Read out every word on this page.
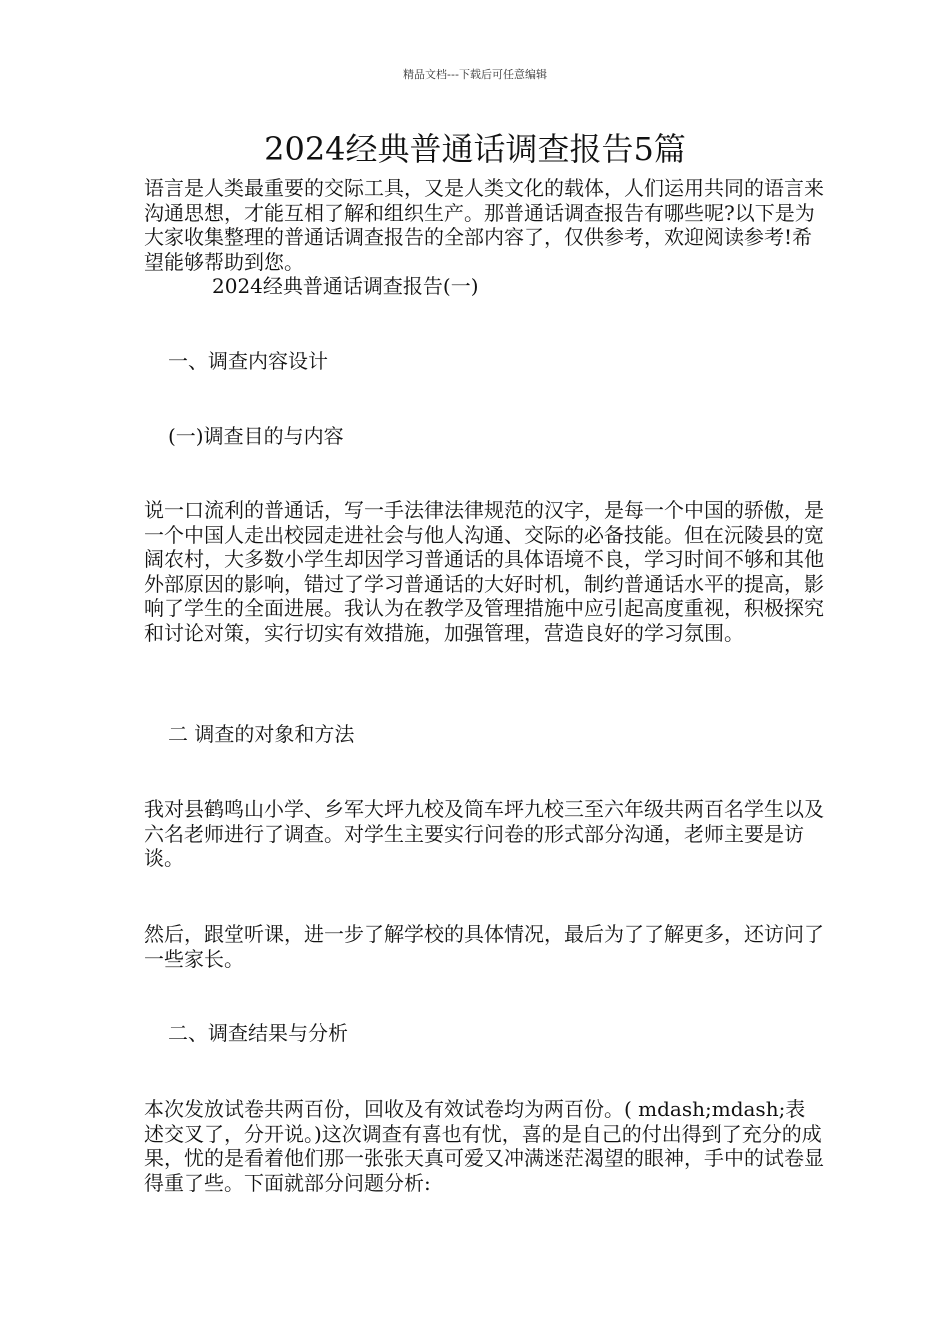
精品文档---下载后可任意编辑
2024经典普通话调查报告5篇

语言是人类最重要的交际工具，又是人类文化的载体，人们运用共同的语言来沟通思想，才能互相了解和组织生产。那普通话调查报告有哪些呢?以下是为大家收集整理的普通话调查报告的全部内容了，仅供参考，欢迎阅读参考!希望能够帮助到您。

2024经典普通话调查报告(一)

一、调查内容设计

(一)调查目的与内容

说一口流利的普通话，写一手法律法律规范的汉字，是每一个中国的骄傲，是一个中国人走出校园走进社会与他人沟通、交际的必备技能。但在沅陵县的宽阔农村，大多数小学生却因学习普通话的具体语境不良，学习时间不够和其他外部原因的影响，错过了学习普通话的大好时机，制约普通话水平的提高，影响了学生的全面进展。我认为在教学及管理措施中应引起高度重视，积极探究和讨论对策，实行切实有效措施，加强管理，营造良好的学习氛围。

二 调查的对象和方法

我对县鹤鸣山小学、乡军大坪九校及筒车坪九校三至六年级共两百名学生以及六名老师进行了调查。对学生主要实行问卷的形式部分沟通，老师主要是访谈。

然后，跟堂听课，进一步了解学校的具体情况，最后为了了解更多，还访问了一些家长。

二、调查结果与分析

本次发放试卷共两百份，回收及有效试卷均为两百份。( mdash;mdash;表述交叉了，分开说。)这次调查有喜也有忧，喜的是自己的付出得到了充分的成果，忧的是看着他们那一张张天真可爱又冲满迷茫渴望的眼神，手中的试卷显得重了些。下面就部分问题分析:
